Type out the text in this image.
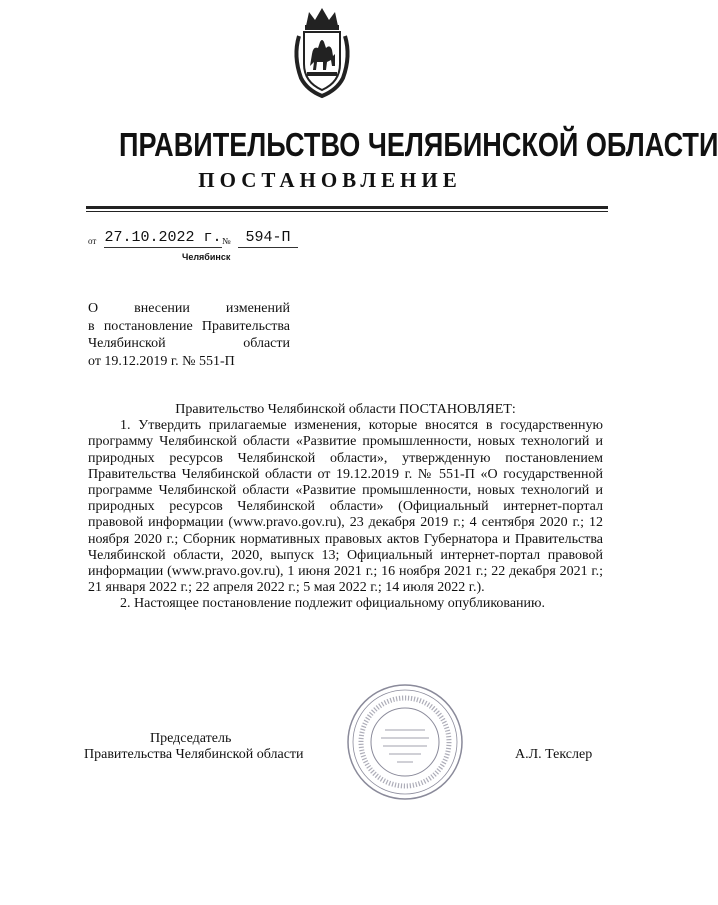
ПРАВИТЕЛЬСТВО ЧЕЛЯБИНСКОЙ ОБЛАСТИ
ПОСТАНОВЛЕНИЕ
от 27.10.2022 г. № 594-П
Челябинск
О внесении изменений
в постановление Правительства
Челябинской области
от 19.12.2019 г. № 551-П

Правительство Челябинской области ПОСТАНОВЛЯЕТ:

1. Утвердить прилагаемые изменения, которые вносятся в государственную программу Челябинской области «Развитие промышленности, новых технологий и природных ресурсов Челябинской области», утвержденную постановлением Правительства Челябинской области от 19.12.2019 г. № 551-П «О государственной программе Челябинской области «Развитие промышленности, новых технологий и природных ресурсов Челябинской области» (Официальный интернет-портал правовой информации (www.pravo.gov.ru), 23 декабря 2019 г.; 4 сентября 2020 г.; 12 ноября 2020 г.; Сборник нормативных правовых актов Губернатора и Правительства Челябинской области, 2020, выпуск 13; Официальный интернет-портал правовой информации (www.pravo.gov.ru), 1 июня 2021 г.; 16 ноября 2021 г.; 22 декабря 2021 г.; 21 января 2022 г.; 22 апреля 2022 г.; 5 мая 2022 г.; 14 июля 2022 г.).

2. Настоящее постановление подлежит официальному опубликованию.

Председатель
Правительства Челябинской области	А.Л. Текслер
